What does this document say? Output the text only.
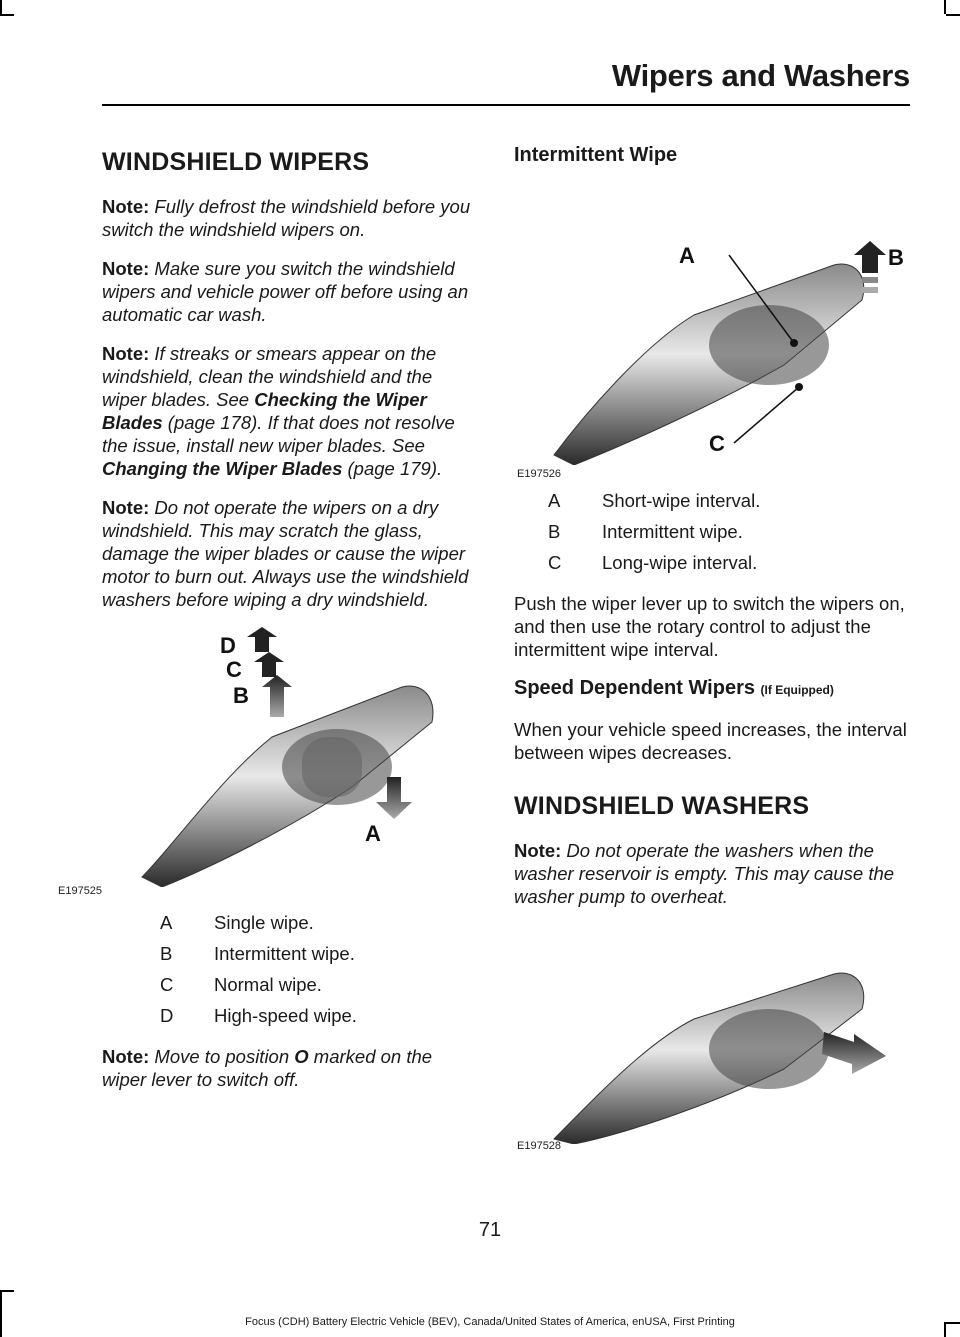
Wipers and Washers
WINDSHIELD WIPERS

Note: Fully defrost the windshield before you switch the windshield wipers on.

Note: Make sure you switch the windshield wipers and vehicle power off before using an automatic car wash.

Note: If streaks or smears appear on the windshield, clean the windshield and the wiper blades. See Checking the Wiper Blades (page 178). If that does not resolve the issue, install new wiper blades. See Changing the Wiper Blades (page 179).

Note: Do not operate the wipers on a dry windshield. This may scratch the glass, damage the wiper blades or cause the wiper motor to burn out. Always use the windshield washers before wiping a dry windshield.

D
C
B
A
E197525
A	Single wipe.
B	Intermittent wipe.
C	Normal wipe.
D	High-speed wipe.

Note: Move to position O marked on the wiper lever to switch off.

Intermittent Wipe
A	B
C
E197526
A	Short-wipe interval.
B	Intermittent wipe.
C	Long-wipe interval.

Push the wiper lever up to switch the wipers on, and then use the rotary control to adjust the intermittent wipe interval.

Speed Dependent Wipers (If Equipped)

When your vehicle speed increases, the interval between wipes decreases.

WINDSHIELD WASHERS

Note: Do not operate the washers when the washer reservoir is empty. This may cause the washer pump to overheat.

E197528
71
Focus (CDH) Battery Electric Vehicle (BEV), Canada/United States of America, enUSA, First Printing
